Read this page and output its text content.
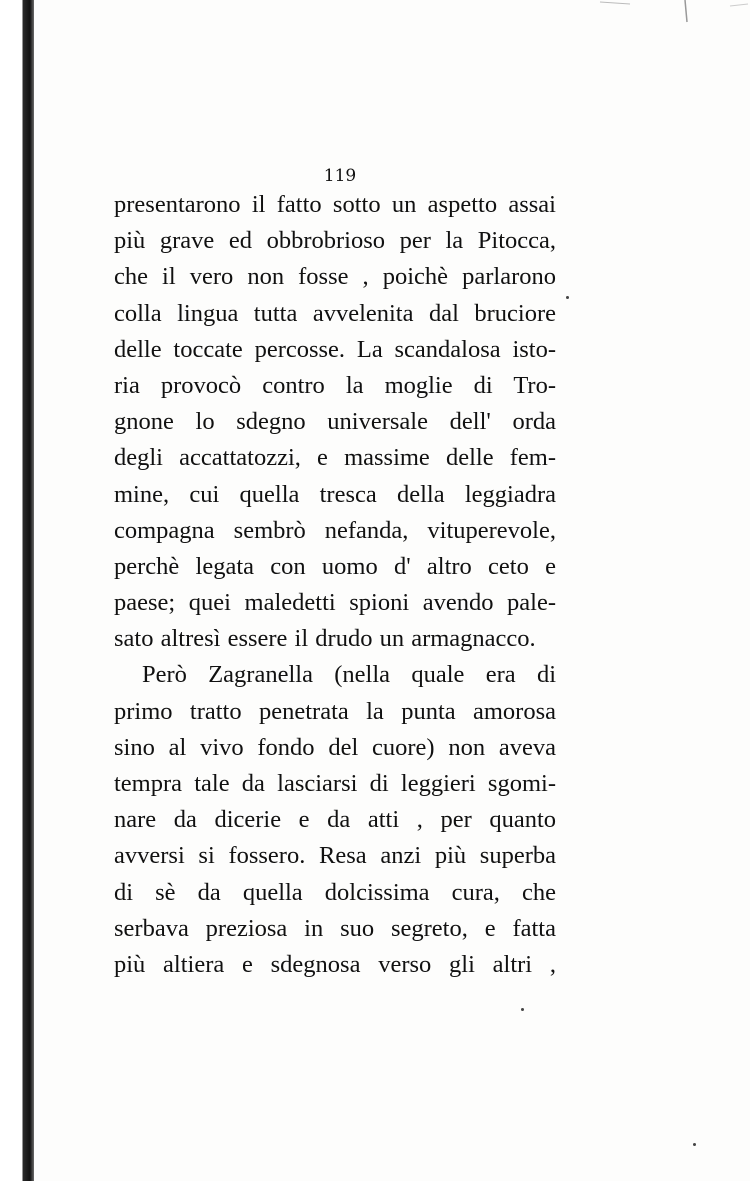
119
presentarono il fatto sotto un aspetto assai
più grave ed obbrobrioso per la Pitocca,
che il vero non fosse , poichè parlarono
colla lingua tutta avvelenita dal bruciore
delle toccate percosse. La scandalosa isto-
ria provocò contro la moglie di Tro-
gnone lo sdegno universale dell' orda
degli accattatozzi, e massime delle fem-
mine, cui quella tresca della leggiadra
compagna sembrò nefanda, vituperevole,
perchè legata con uomo d' altro ceto e
paese; quei maledetti spioni avendo pale-
sato altresì essere il drudo un armagnacco.
Però Zagranella (nella quale era di
primo tratto penetrata la punta amorosa
sino al vivo fondo del cuore) non aveva
tempra tale da lasciarsi di leggieri sgomi-
nare da dicerie e da atti , per quanto
avversi si fossero. Resa anzi più superba
di sè da quella dolcissima cura, che
serbava preziosa in suo segreto, e fatta
più altiera e sdegnosa verso gli altri ,
